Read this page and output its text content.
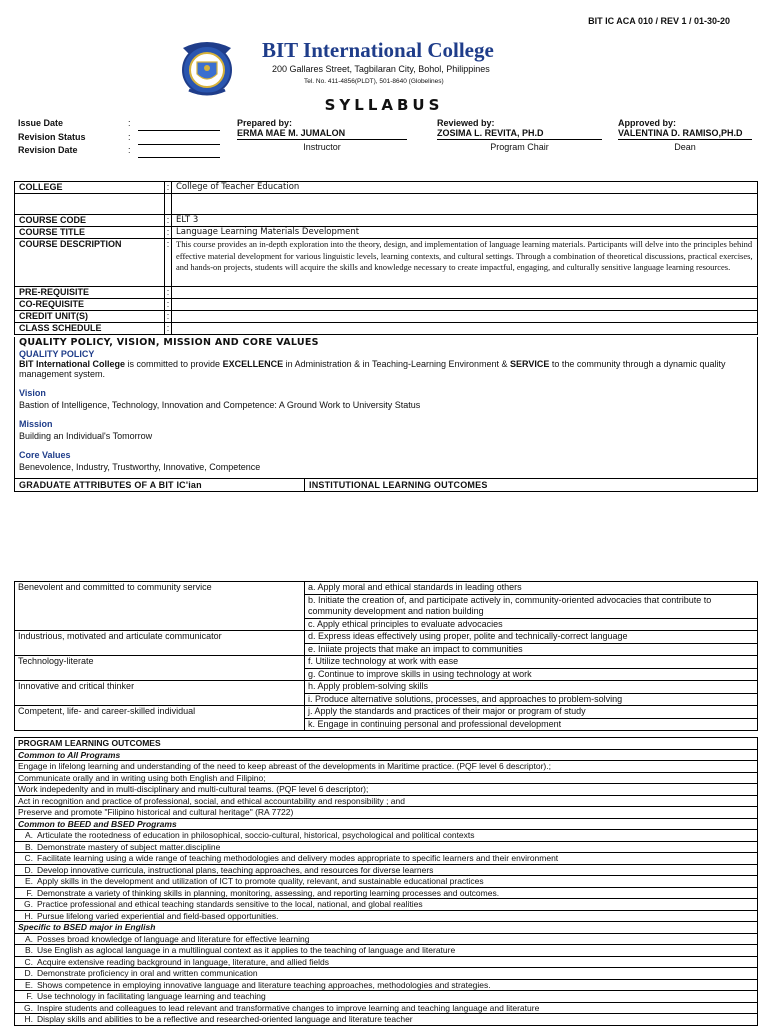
BIT IC ACA 010 / REV 1 / 01-30-20
BIT International College
200 Gallares Street, Tagbilaran City, Bohol, Philippines
Tel. No. 411-4856(PLDT), 501-8640 (Globelines)
SYLLABUS
Issue Date	:
Revision Status	:
Revision Date	:
Prepared by:
ERMA MAE M. JUMALON
Instructor
Reviewed by:
ZOSIMA L. REVITA, PH.D
Program Chair
Approved by:
VALENTINA D. RAMISO,PH.D
Dean
COLLEGE	:	College of Teacher Education

COURSE CODE	:	ELT 3
COURSE TITLE	:	Language Learning Materials Development
COURSE DESCRIPTION	:	This course provides an in-depth exploration into the theory, design, and implementation of language learning materials. Participants will delve into the principles behind effective material development for various linguistic levels, learning contexts, and cultural settings. Through a combination of theoretical discussions, practical exercises, and hands-on projects, students will acquire the skills and knowledge necessary to create impactful, engaging, and culturally sensitive language learning resources.
PRE-REQUISITE	:	
CO-REQUISITE	:	
CREDIT UNIT(S)	:	
CLASS SCHEDULE	:	
QUALITY POLICY, VISION, MISSION AND CORE VALUES
QUALITY POLICY
BIT International College is committed to provide EXCELLENCE in Administration & in Teaching-Learning Environment & SERVICE to the community through a dynamic quality management system.
Vision
Bastion of Intelligence, Technology, Innovation and Competence: A Ground Work to University Status
Mission
Building an Individual's Tomorrow
Core Values
Benevolence, Industry, Trustworthy, Innovative, Competence
GRADUATE ATTRIBUTES OF A BIT IC'ian	INSTITUTIONAL LEARNING OUTCOMES
Benevolent and committed to community service	a. Apply moral and ethical standards in leading others
	b. Initiate the creation of, and participate actively in, community-oriented advocacies that contribute to community development and nation building
	c. Apply ethical principles to evaluate advocacies
Industrious, motivated and articulate communicator	d. Express ideas effectively using proper, polite and technically-correct language
	e. Iniiate projects that make an impact to communities
Technology-literate	f. Utilize technology at work with ease
	g. Continue to improve skills in using technology at work
Innovative and critical thinker	h. Apply problem-solving skills
	i. Produce alternative solutions, processes, and approaches to problem-solving
Competent, life- and career-skilled individual	j. Apply the standards and practices of their major or program of study
	k. Engage in continuing personal and professional development
PROGRAM LEARNING OUTCOMES
Common to All Programs
Engage in lifelong learning and understanding of the need to keep abreast of the developments in Maritime practice. (PQF level 6 descriptor).;
Communicate orally and in writing using both English and Filipino;
Work indepedenlty and in multi-disciplinary and multi-cultural teams. (PQF level 6 descriptor);
Act in recognition and practice of professional, social, and ethical accountability and responsibility ; and
Preserve and promote "Filipino historical and cultural heritage" (RA 7722)
Common to BEED and BSED Programs
A. Articulate the rootedness of education in philosophical, soccio-cultural, historical, psychological and political contexts
B. Demonstrate mastery of subject matter.discipline
C. Facilitate learning using a wide range of teaching methodologies and delivery modes appropriate to specific learners and their environment
D. Develop innovative curricula, instructional plans, teaching approaches, and resources for diverse learners
E. Apply skills in the development and utilization of ICT to promote quality, relevant, and sustainable educational practices
F. Demonstrate a variety of thinking skills in planning, monitoring, assessing, and reporting learning processes and outcomes.
G. Practice professional and ethical teaching standards sensitive to the local, national, and global realities
H. Pursue lifelong varied experiential and field-based opportunities.
Specific to BSED major in English
A. Posses broad knowledge of language and literature for effective learning
B. Use English as aglocal language in a multilingual context as it applies to the teaching of language and literature
C. Acquire extensive reading background in language, literature, and allied fields
D. Demonstrate proficiency in oral and written communication
E. Shows competence in employing innovative language and literature teaching approaches, methodologies and strategies.
F. Use technology in facilitating language learning and teaching
G. Inspire students and colleagues to lead relevant and transformative changes to improve learning and teaching language and literature
H. Display skills and abilities to be a reflective and researched-oriented language and literature teacher
